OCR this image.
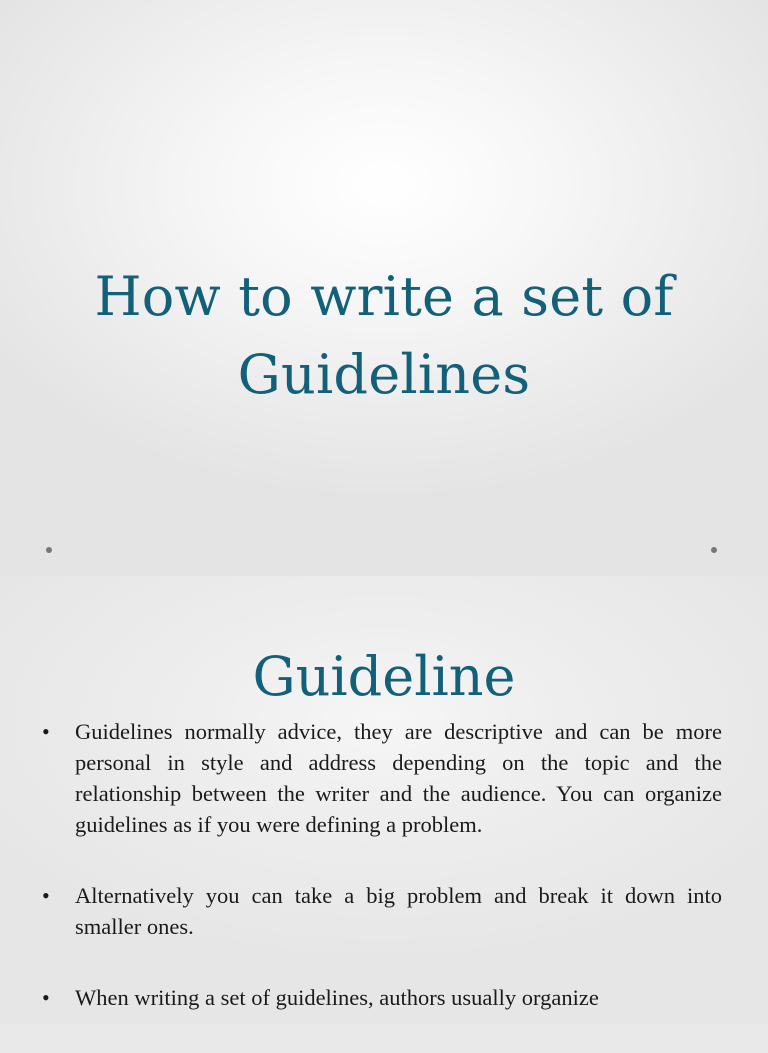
How to write a set of
Guidelines
Guideline
• Guidelines normally advice, they are descriptive and can be more personal in style and address depending on the topic and the relationship between the writer and the audience. You can organize guidelines as if you were defining a problem.
• Alternatively you can take a big problem and break it down into smaller ones.
• When writing a set of guidelines, authors usually organize
